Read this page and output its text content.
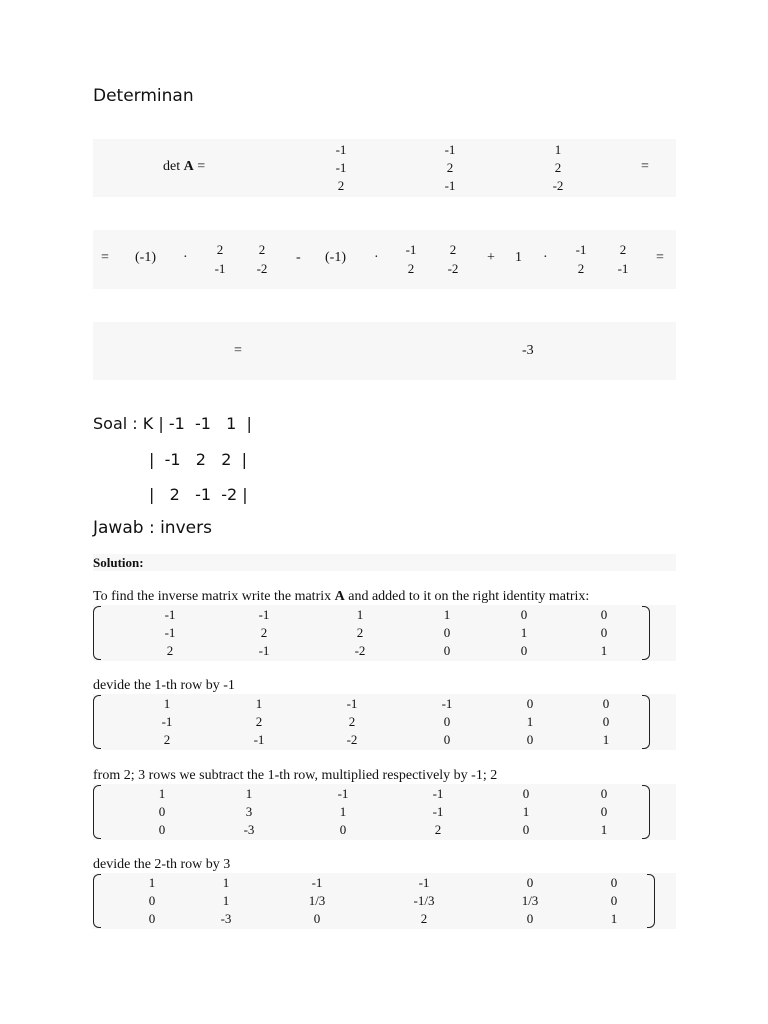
Determinan
det A =
-1	-1	1
-1	2	2
2	-1	-2
=
= (-1) ·
2	2
-1	-2
- (-1) ·
-1	2
2	-2
+ 1 ·
-1	2
2	-1
=
=	-3
Soal : K | -1  -1   1  |
|  -1   2   2  |
|   2   -1  -2 |
Jawab : invers
Solution:
To find the inverse matrix write the matrix A and added to it on the right identity matrix:
-1	-1	1	1	0	0
-1	2	2	0	1	0
2	-1	-2	0	0	1
devide the 1-th row by -1
1	1	-1	-1	0	0
-1	2	2	0	1	0
2	-1	-2	0	0	1
from 2; 3 rows we subtract the 1-th row, multiplied respectively by -1; 2
1	1	-1	-1	0	0
0	3	1	-1	1	0
0	-3	0	2	0	1
devide the 2-th row by 3
1	1	-1	-1	0	0
0	1	1/3	-1/3	1/3	0
0	-3	0	2	0	1
